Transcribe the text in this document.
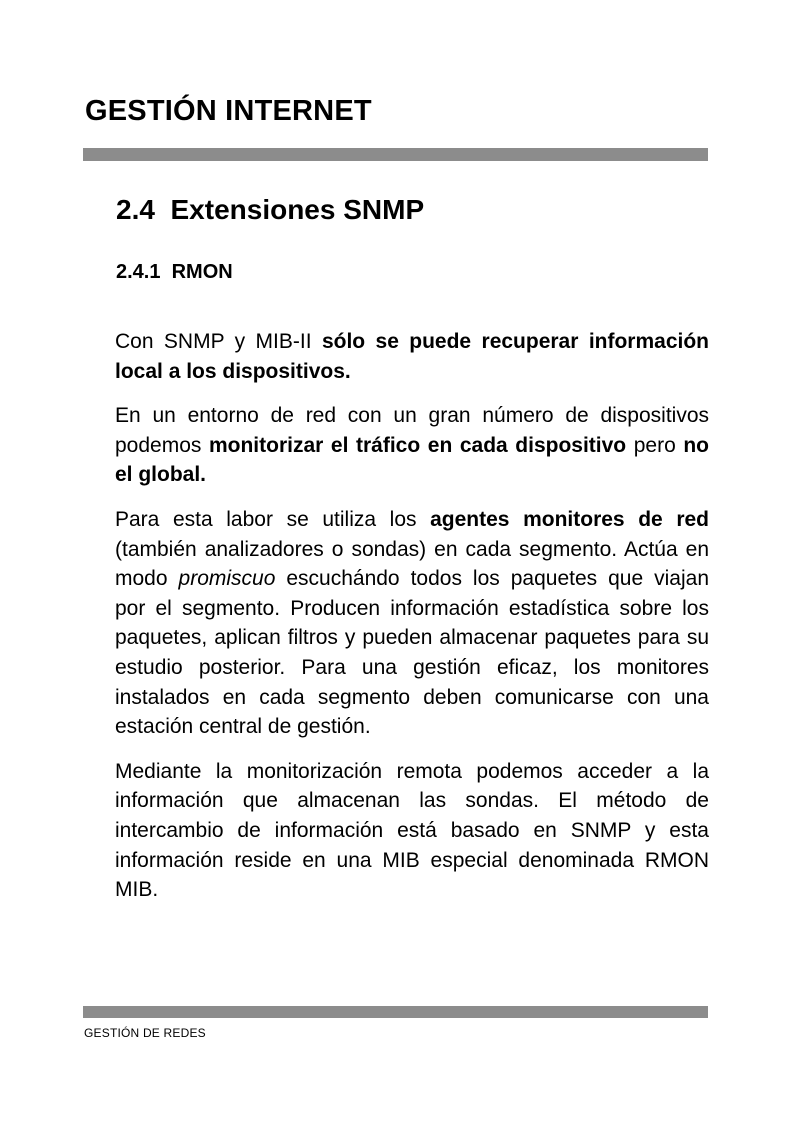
GESTIÓN INTERNET
2.4 Extensiones SNMP
2.4.1 RMON

Con SNMP y MIB-II sólo se puede recuperar información local a los dispositivos.

En un entorno de red con un gran número de dispositivos podemos monitorizar el tráfico en cada dispositivo pero no el global.

Para esta labor se utiliza los agentes monitores de red (también analizadores o sondas) en cada segmento. Actúa en modo promiscuo escuchándo todos los paquetes que viajan por el segmento. Producen información estadística sobre los paquetes, aplican filtros y pueden almacenar paquetes para su estudio posterior. Para una gestión eficaz, los monitores instalados en cada segmento deben comunicarse con una estación central de gestión.

Mediante la monitorización remota podemos acceder a la información que almacenan las sondas. El método de intercambio de información está basado en SNMP y esta información reside en una MIB especial denominada RMON MIB.

GESTIÓN DE REDES
